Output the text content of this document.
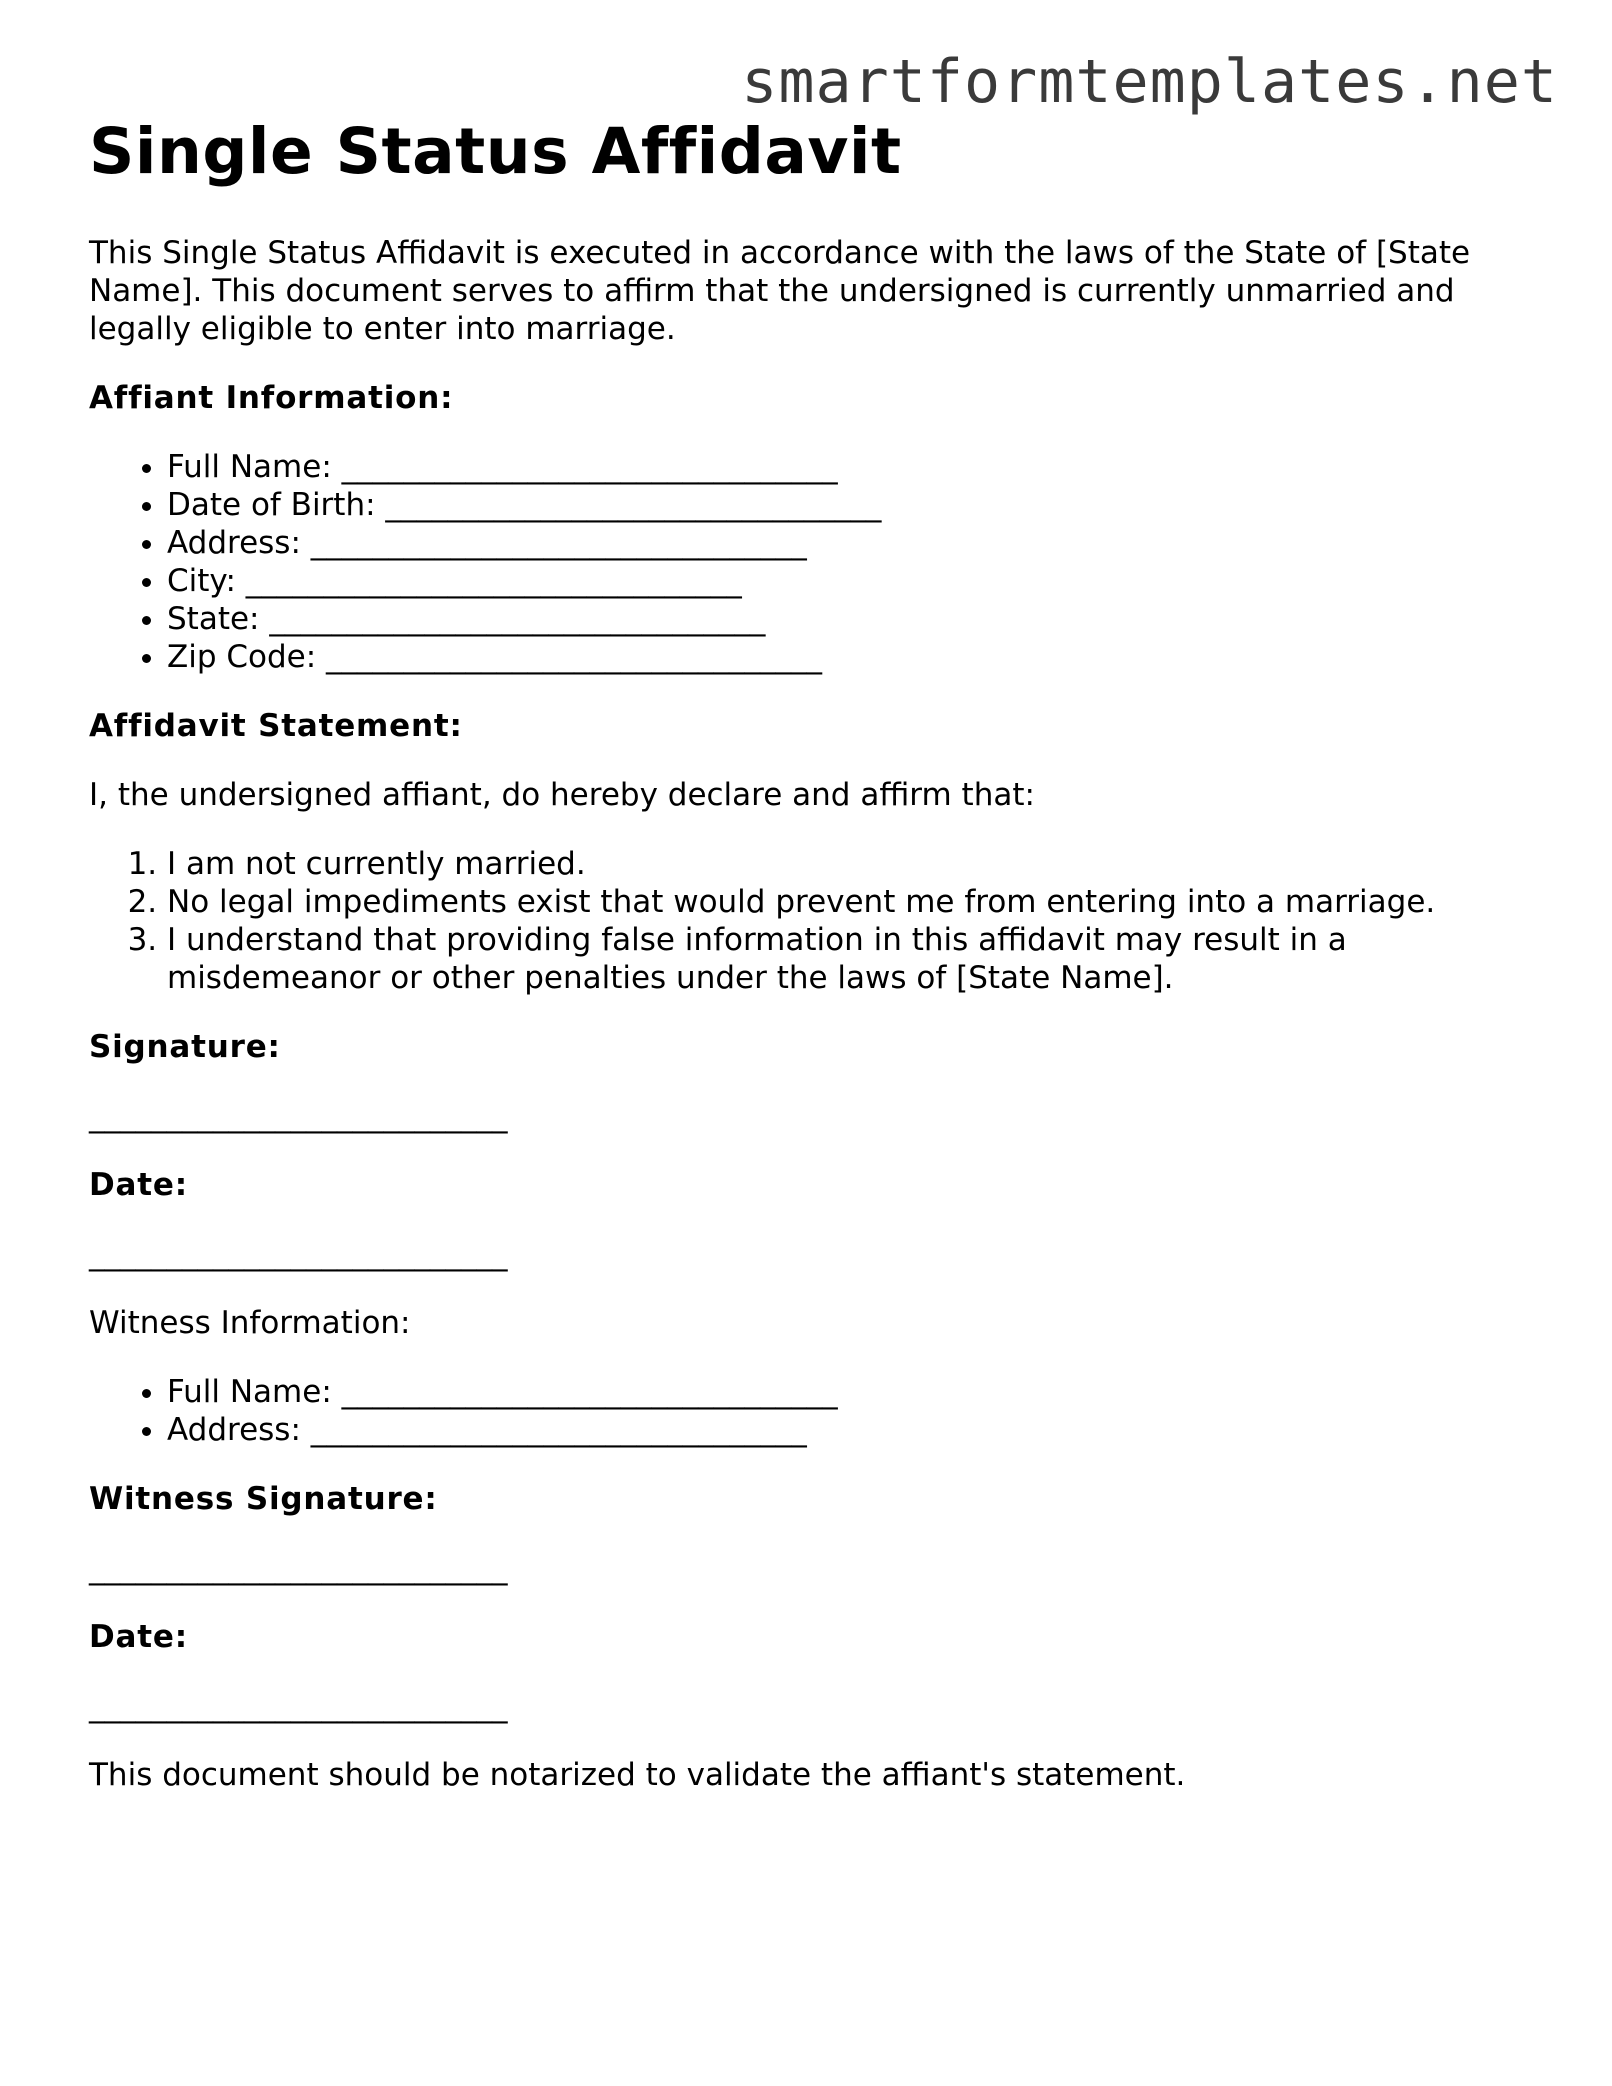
smartformtemplates.net
Single Status Affidavit

This Single Status Affidavit is executed in accordance with the laws of the State of [State Name]. This document serves to affirm that the undersigned is currently unmarried and legally eligible to enter into marriage.

Affiant Information:

• Full Name: ________________________________
• Date of Birth: ________________________________
• Address: ________________________________
• City: ________________________________
• State: ________________________________
• Zip Code: ________________________________

Affidavit Statement:

I, the undersigned affiant, do hereby declare and affirm that:

1. I am not currently married.
2. No legal impediments exist that would prevent me from entering into a marriage.
3. I understand that providing false information in this affidavit may result in a misdemeanor or other penalties under the laws of [State Name].

Signature:

___________________________

Date:

___________________________

Witness Information:

• Full Name: ________________________________
• Address: ________________________________

Witness Signature:

___________________________

Date:

___________________________

This document should be notarized to validate the affiant's statement.
